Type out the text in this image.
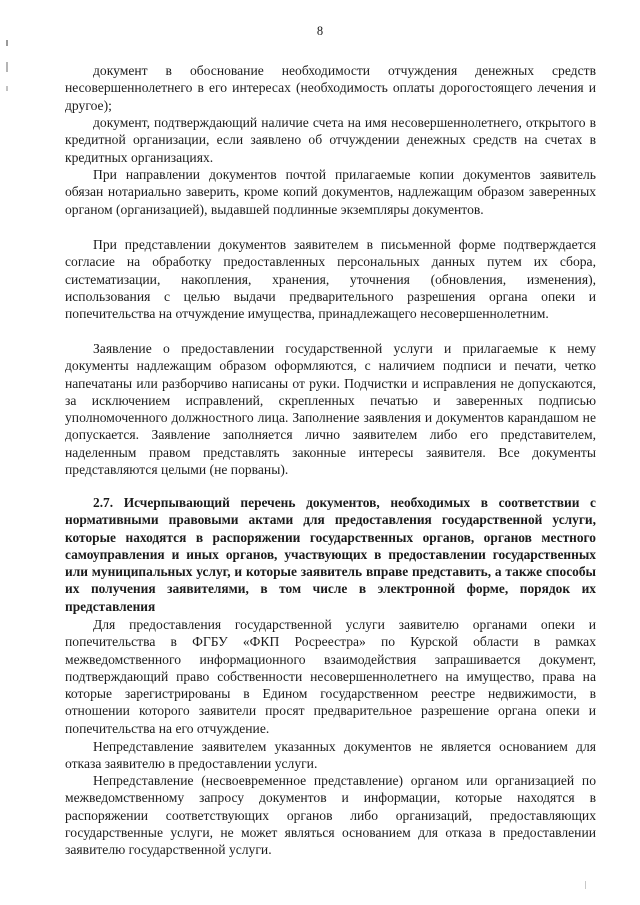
8

документ в обоснование необходимости отчуждения денежных средств несовершеннолетнего в его интересах (необходимость оплаты дорогостоящего лечения и другое);

документ, подтверждающий наличие счета на имя несовершеннолетнего, открытого в кредитной организации, если заявлено об отчуждении денежных средств на счетах в кредитных организациях.

При направлении документов почтой прилагаемые копии документов заявитель обязан нотариально заверить, кроме копий документов, надлежащим образом заверенных органом (организацией), выдавшей подлинные экземпляры документов.

При представлении документов заявителем в письменной форме подтверждается согласие на обработку предоставленных персональных данных путем их сбора, систематизации, накопления, хранения, уточнения (обновления, изменения), использования с целью выдачи предварительного разрешения органа опеки и попечительства на отчуждение имущества, принадлежащего несовершеннолетним.

Заявление о предоставлении государственной услуги и прилагаемые к нему документы надлежащим образом оформляются, с наличием подписи и печати, четко напечатаны или разборчиво написаны от руки. Подчистки и исправления не допускаются, за исключением исправлений, скрепленных печатью и заверенных подписью уполномоченного должностного лица. Заполнение заявления и документов карандашом не допускается. Заявление заполняется лично заявителем либо его представителем, наделенным правом представлять законные интересы заявителя. Все документы представляются целыми (не порваны).

2.7. Исчерпывающий перечень документов, необходимых в соответствии с нормативными правовыми актами для предоставления государственной услуги, которые находятся в распоряжении государственных органов, органов местного самоуправления и иных органов, участвующих в предоставлении государственных или муниципальных услуг, и которые заявитель вправе представить, а также способы их получения заявителями, в том числе в электронной форме, порядок их представления

Для предоставления государственной услуги заявителю органами опеки и попечительства в ФГБУ «ФКП Росреестра» по Курской области в рамках межведомственного информационного взаимодействия запрашивается документ, подтверждающий право собственности несовершеннолетнего на имущество, права на которые зарегистрированы в Едином государственном реестре недвижимости, в отношении которого заявители просят предварительное разрешение органа опеки и попечительства на его отчуждение.

Непредставление заявителем указанных документов не является основанием для отказа заявителю в предоставлении услуги.

Непредставление (несвоевременное представление) органом или организацией по межведомственному запросу документов и информации, которые находятся в распоряжении соответствующих органов либо организаций, предоставляющих государственные услуги, не может являться основанием для отказа в предоставлении заявителю государственной услуги.
